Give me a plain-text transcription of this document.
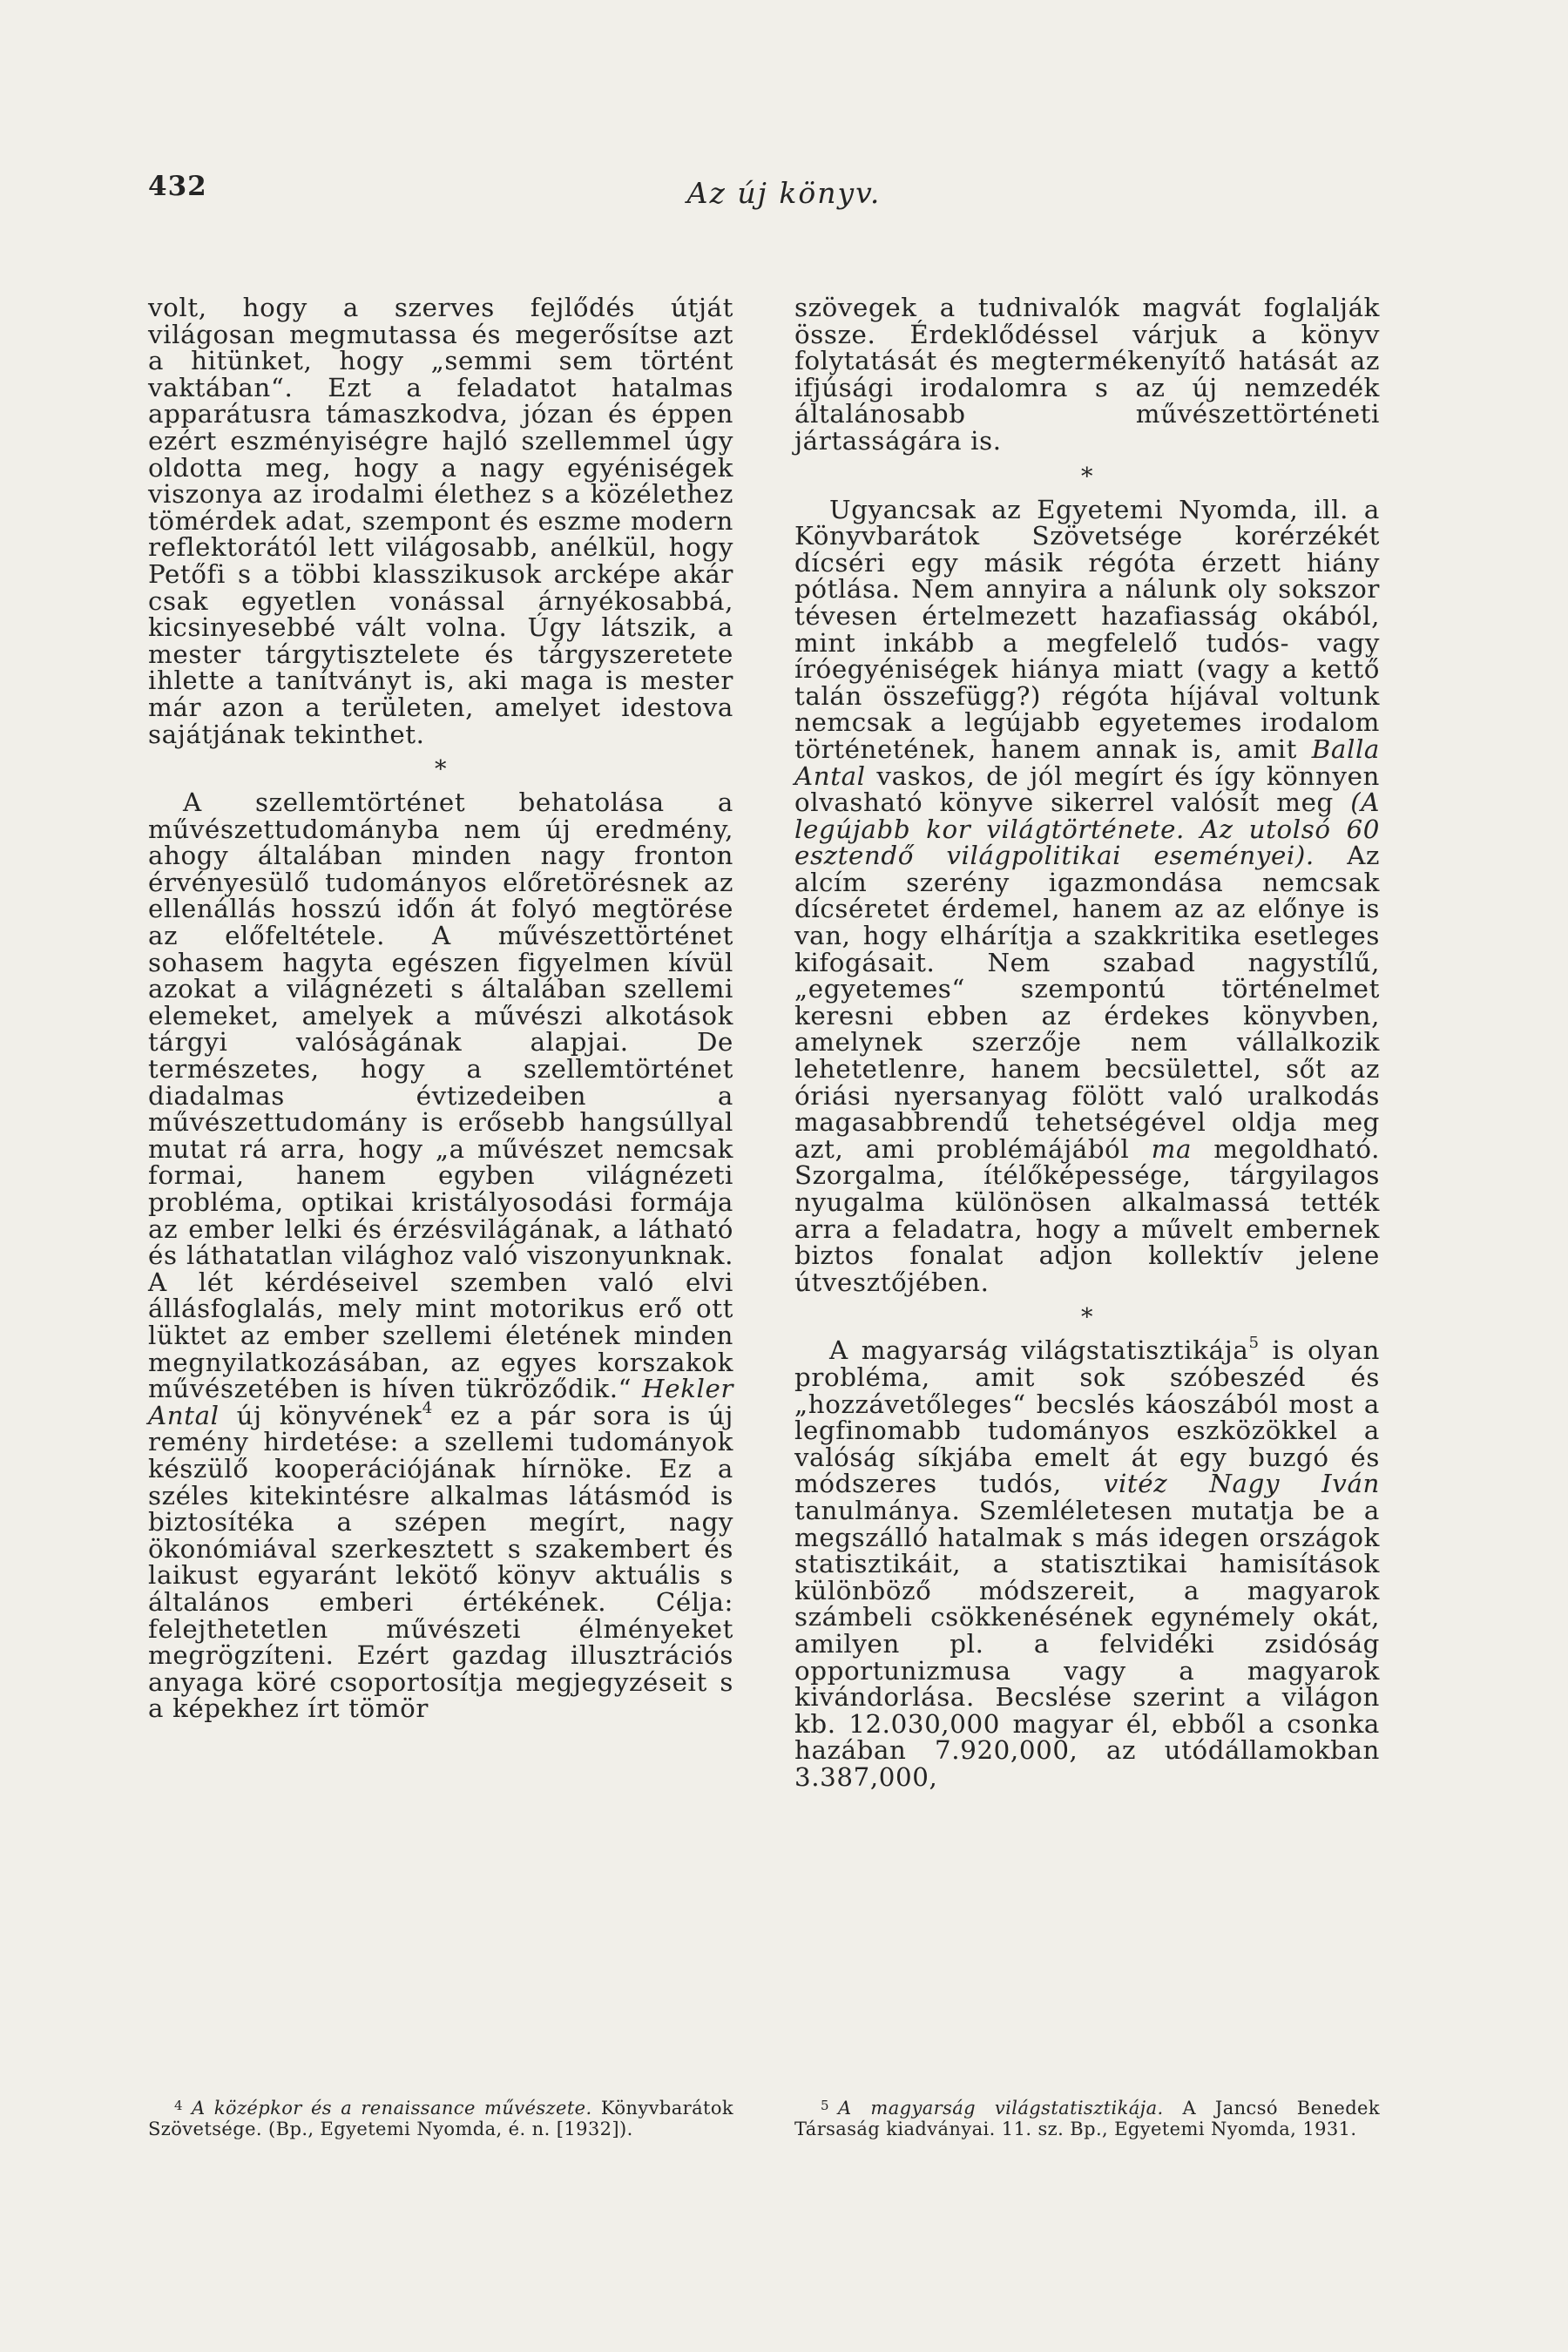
432	Az új könyv.

volt, hogy a szerves fejlődés útját világosan megmutassa és megerősítse azt a hitünket, hogy „semmi sem történt vaktában“. Ezt a feladatot hatalmas apparátusra támaszkodva, józan és éppen ezért eszményiségre hajló szellemmel úgy oldotta meg, hogy a nagy egyéniségek viszonya az irodalmi élethez s a közélethez tömérdek adat, szempont és eszme modern reflektorától lett világosabb, anélkül, hogy Petőfi s a többi klasszikusok arcképe akár csak egyetlen vonással árnyékosabbá, kicsinyesebbé vált volna. Úgy látszik, a mester tárgytisztelete és tárgyszeretete ihlette a tanítványt is, aki maga is mester már azon a területen, amelyet idestova sajátjának tekinthet.

*

A szellemtörténet behatolása a művészettudományba nem új eredmény, ahogy általában minden nagy fronton érvényesülő tudományos előretörésnek az ellenállás hosszú időn át folyó megtörése az előfeltétele. A művészettörténet sohasem hagyta egészen figyelmen kívül azokat a világnézeti s általában szellemi elemeket, amelyek a művészi alkotások tárgyi valóságának alapjai. De természetes, hogy a szellemtörténet diadalmas évtizedeiben a művészettudomány is erősebb hangsúllyal mutat rá arra, hogy „a művészet nemcsak formai, hanem egyben világnézeti probléma, optikai kristályosodási formája az ember lelki és érzésvilágának, a látható és láthatatlan világhoz való viszonyunknak. A lét kérdéseivel szemben való elvi állásfoglalás, mely mint motorikus erő ott lüktet az ember szellemi életének minden megnyilatkozásában, az egyes korszakok művészetében is híven tükröződik.“ Hekler Antal új könyvének$^4$ ez a pár sora is új remény hirdetése: a szellemi tudományok készülő kooperációjának hírnöke. Ez a széles kitekintésre alkalmas látásmód is biztosítéka a szépen megírt, nagy ökonómiával szerkesztett s szakembert és laikust egyaránt lekötő könyv aktuális s általános emberi értékének. Célja: felejthetetlen művészeti élményeket megrögzíteni. Ezért gazdag illusztrációs anyaga köré csoportosítja megjegyzéseit s a képekhez írt tömör

szövegek a tudnivalók magvát foglalják össze. Érdeklődéssel várjuk a könyv folytatását és megtermékenyítő hatását az ifjúsági irodalomra s az új nemzedék általánosabb művészettörténeti jártasságára is.

*

Ugyancsak az Egyetemi Nyomda, ill. a Könyvbarátok Szövetsége korérzékét dícséri egy másik régóta érzett hiány pótlása. Nem annyira a nálunk oly sokszor tévesen értelmezett hazafiasság okából, mint inkább a megfelelő tudós- vagy íróegyéniségek hiánya miatt (vagy a kettő talán összefügg?) régóta híjával voltunk nemcsak a legújabb egyetemes irodalom történetének, hanem annak is, amit Balla Antal vaskos, de jól megírt és így könnyen olvasható könyve sikerrel valósít meg (A legújabb kor világtörténete. Az utolsó 60 esztendő világpolitikai eseményei). Az alcím szerény igazmondása nemcsak dícséretet érdemel, hanem az az előnye is van, hogy elhárítja a szakkritika esetleges kifogásait. Nem szabad nagystílű, „egyetemes“ szempontú történelmet keresni ebben az érdekes könyvben, amelynek szerzője nem vállalkozik lehetetlenre, hanem becsülettel, sőt az óriási nyersanyag fölött való uralkodás magasabbrendű tehetségével oldja meg azt, ami problémájából ma megoldható. Szorgalma, ítélőképessége, tárgyilagos nyugalma különösen alkalmassá tették arra a feladatra, hogy a művelt embernek biztos fonalat adjon kollektív jelene útvesztőjében.

*

A magyarság világstatisztikája$^5$ is olyan probléma, amit sok szóbeszéd és „hozzávetőleges“ becslés káoszából most a legfinomabb tudományos eszközökkel a valóság síkjába emelt át egy buzgó és módszeres tudós, vitéz Nagy Iván tanulmánya. Szemléletesen mutatja be a megszálló hatalmak s más idegen országok statisztikáit, a statisztikai hamisítások különböző módszereit, a magyarok számbeli csökkenésének egynémely okát, amilyen pl. a felvidéki zsidóság opportunizmusa vagy a magyarok kivándorlása. Becslése szerint a világon kb. 12.030,000 magyar él, ebből a csonka hazában 7.920,000, az utódállamokban 3.387,000,

$^4$ A középkor és a renaissance művészete. Könyvbarátok Szövetsége. (Bp., Egyetemi Nyomda, é. n. [1932]).
$^5$ A magyarság világstatisztikája. A Jancsó Benedek Társaság kiadványai. 11. sz. Bp., Egyetemi Nyomda, 1931.
